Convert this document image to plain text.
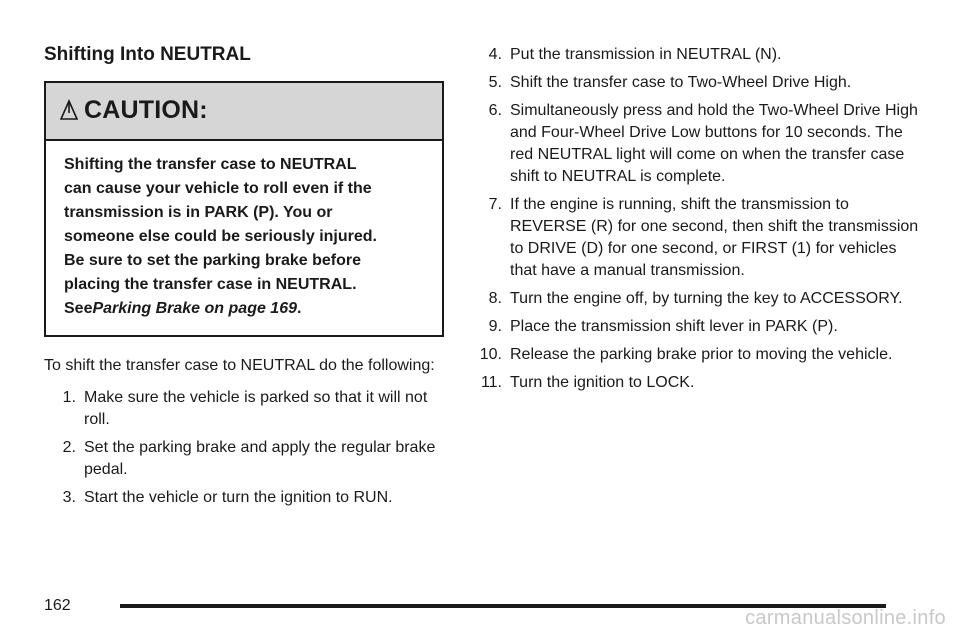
Shifting Into NEUTRAL
CAUTION:
Shifting the transfer case to NEUTRAL
can cause your vehicle to roll even if the
transmission is in PARK (P). You or
someone else could be seriously injured.
Be sure to set the parking brake before
placing the transfer case in NEUTRAL.
SeeParking Brake on page 169.

To shift the transfer case to NEUTRAL do the following:

1. Make sure the vehicle is parked so that it will not roll.
2. Set the parking brake and apply the regular brake pedal.
3. Start the vehicle or turn the ignition to RUN.
4. Put the transmission in NEUTRAL (N).
5. Shift the transfer case to Two-Wheel Drive High.
6. Simultaneously press and hold the Two-Wheel Drive High and Four-Wheel Drive Low buttons for 10 seconds. The red NEUTRAL light will come on when the transfer case shift to NEUTRAL is complete.
7. If the engine is running, shift the transmission to REVERSE (R) for one second, then shift the transmission to DRIVE (D) for one second, or FIRST (1) for vehicles that have a manual transmission.
8. Turn the engine off, by turning the key to ACCESSORY.
9. Place the transmission shift lever in PARK (P).
10. Release the parking brake prior to moving the vehicle.
11. Turn the ignition to LOCK.
162
carmanualsonline.info
